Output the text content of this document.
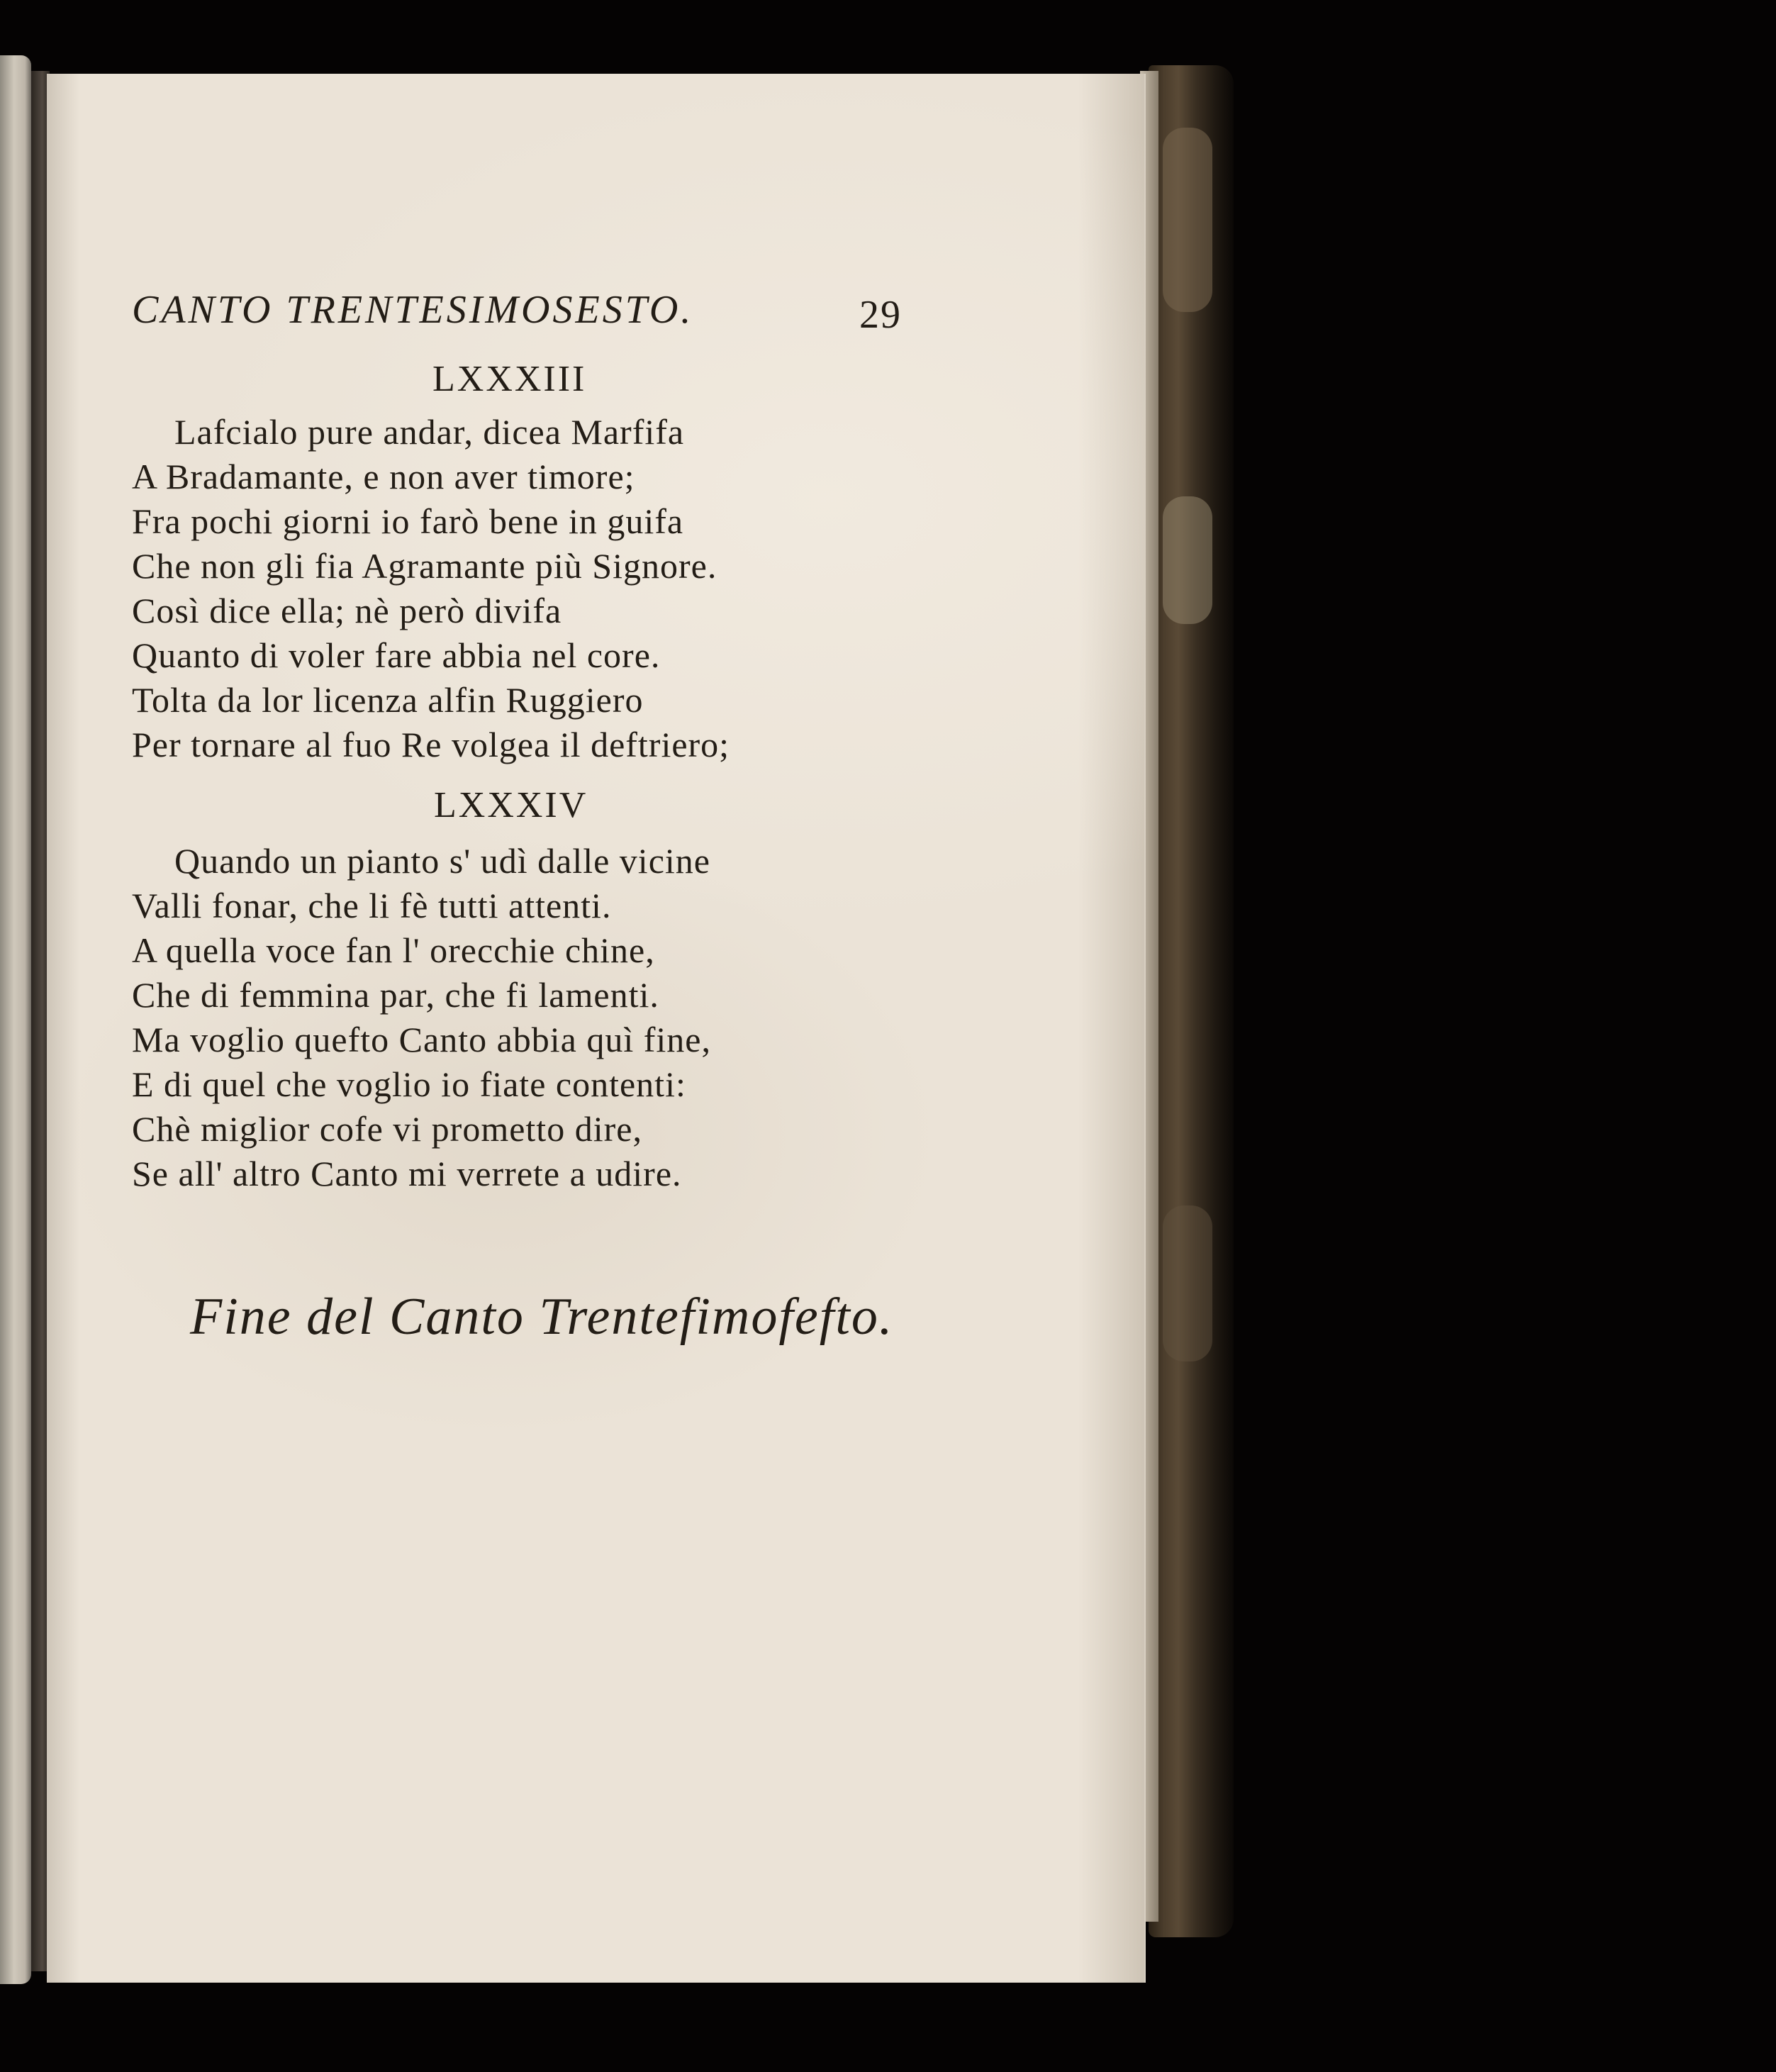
CANTO TRENTESIMOSESTO.	29
LXXXIII
Lafcialo pure andar, dicea Marfifa
A Bradamante, e non aver timore;
Fra pochi giorni io farò bene in guifa
Che non gli fia Agramante più Signore.
Così dice ella; nè però divifa
Quanto di voler fare abbia nel core.
Tolta da lor licenza alfin Ruggiero
Per tornare al fuo Re volgea il deftriero;
LXXXIV
Quando un pianto s' udì dalle vicine
Valli fonar, che li fè tutti attenti.
A quella voce fan l' orecchie chine,
Che di femmina par, che fi lamenti.
Ma voglio quefto Canto abbia quì fine,
E di quel che voglio io fiate contenti:
Chè miglior cofe vi prometto dire,
Se all' altro Canto mi verrete a udire.
Fine del Canto Trentefimofefto.
